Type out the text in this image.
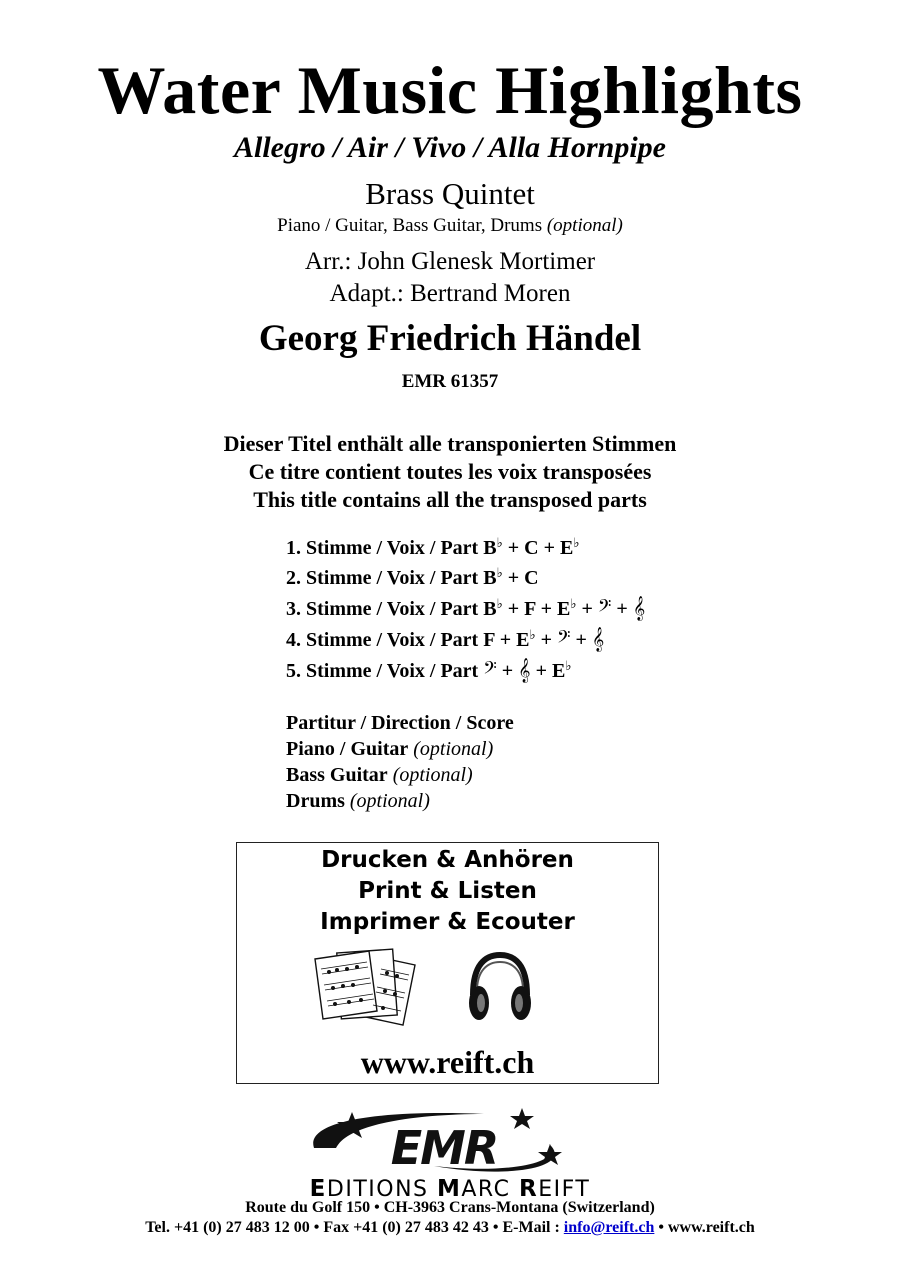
Water Music Highlights
Allegro / Air / Vivo / Alla Hornpipe
Brass Quintet
Piano / Guitar, Bass Guitar, Drums (optional)
Arr.: John Glenesk Mortimer
Adapt.: Bertrand Moren
Georg Friedrich Händel
EMR 61357
Dieser Titel enthält alle transponierten Stimmen
Ce titre contient toutes les voix transposées
This title contains all the transposed parts
1. Stimme / Voix / Part B♭ + C + E♭
2. Stimme / Voix / Part B♭ + C
3. Stimme / Voix / Part B♭ + F + E♭ + 𝄢 + 𝄞
4. Stimme / Voix / Part F + E♭ + 𝄢 + 𝄞
5. Stimme / Voix / Part 𝄢 + 𝄞 + E♭
Partitur / Direction / Score
Piano / Guitar (optional)
Bass Guitar (optional)
Drums (optional)
Drucken & Anhören
Print & Listen
Imprimer & Ecouter
www.reift.ch
EMR
EDITIONS MARC REIFT
Route du Golf 150 • CH-3963 Crans-Montana (Switzerland)
Tel. +41 (0) 27 483 12 00 • Fax +41 (0) 27 483 42 43 • E-Mail : info@reift.ch • www.reift.ch
